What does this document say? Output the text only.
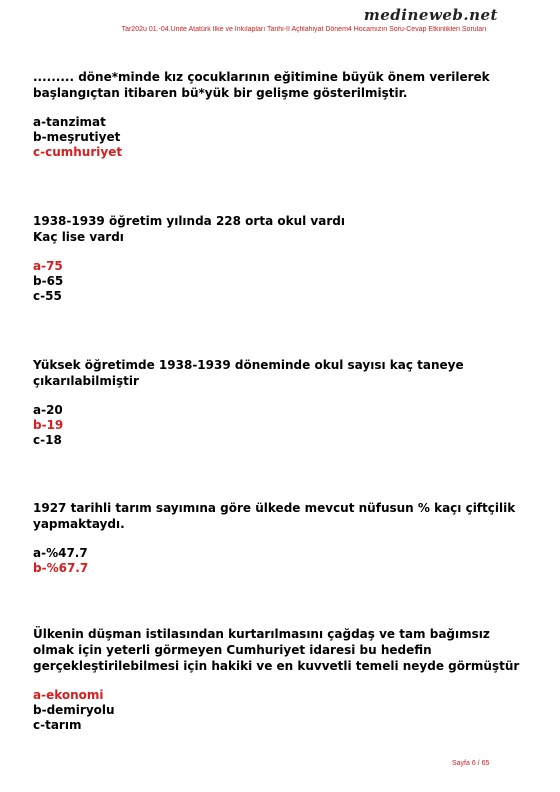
medineweb.net
Tar202u 01.-04.Ünite Atatürk İlke ve İnkılapları Tarihi-II Açfilahiyat Dönem4 Hocamızın Soru-Cevap Etkinlikleri Soruları
......... döne*minde kız çocuklarının eğitimine büyük önem verilerek
başlangıçtan itibaren bü*yük bir gelişme gösterilmiştir.
a-tanzimat
b-meşrutiyet
c-cumhuriyet
1938-1939 öğretim yılında 228 orta okul vardı
Kaç lise vardı
a-75
b-65
c-55
Yüksek öğretimde 1938-1939 döneminde okul sayısı kaç taneye
çıkarılabilmiştir
a-20
b-19
c-18
1927 tarihli tarım sayımına göre ülkede mevcut nüfusun % kaçı çiftçilik
yapmaktaydı.
a-%47.7
b-%67.7
Ülkenin düşman istilasından kurtarılmasını çağdaş ve tam bağımsız
olmak için yeterli görmeyen Cumhuriyet idaresi bu hedefin
gerçekleştirilebilmesi için hakiki ve en kuvvetli temeli neyde görmüştür
a-ekonomi
b-demiryolu
c-tarım
Sayfa 6 / 65
